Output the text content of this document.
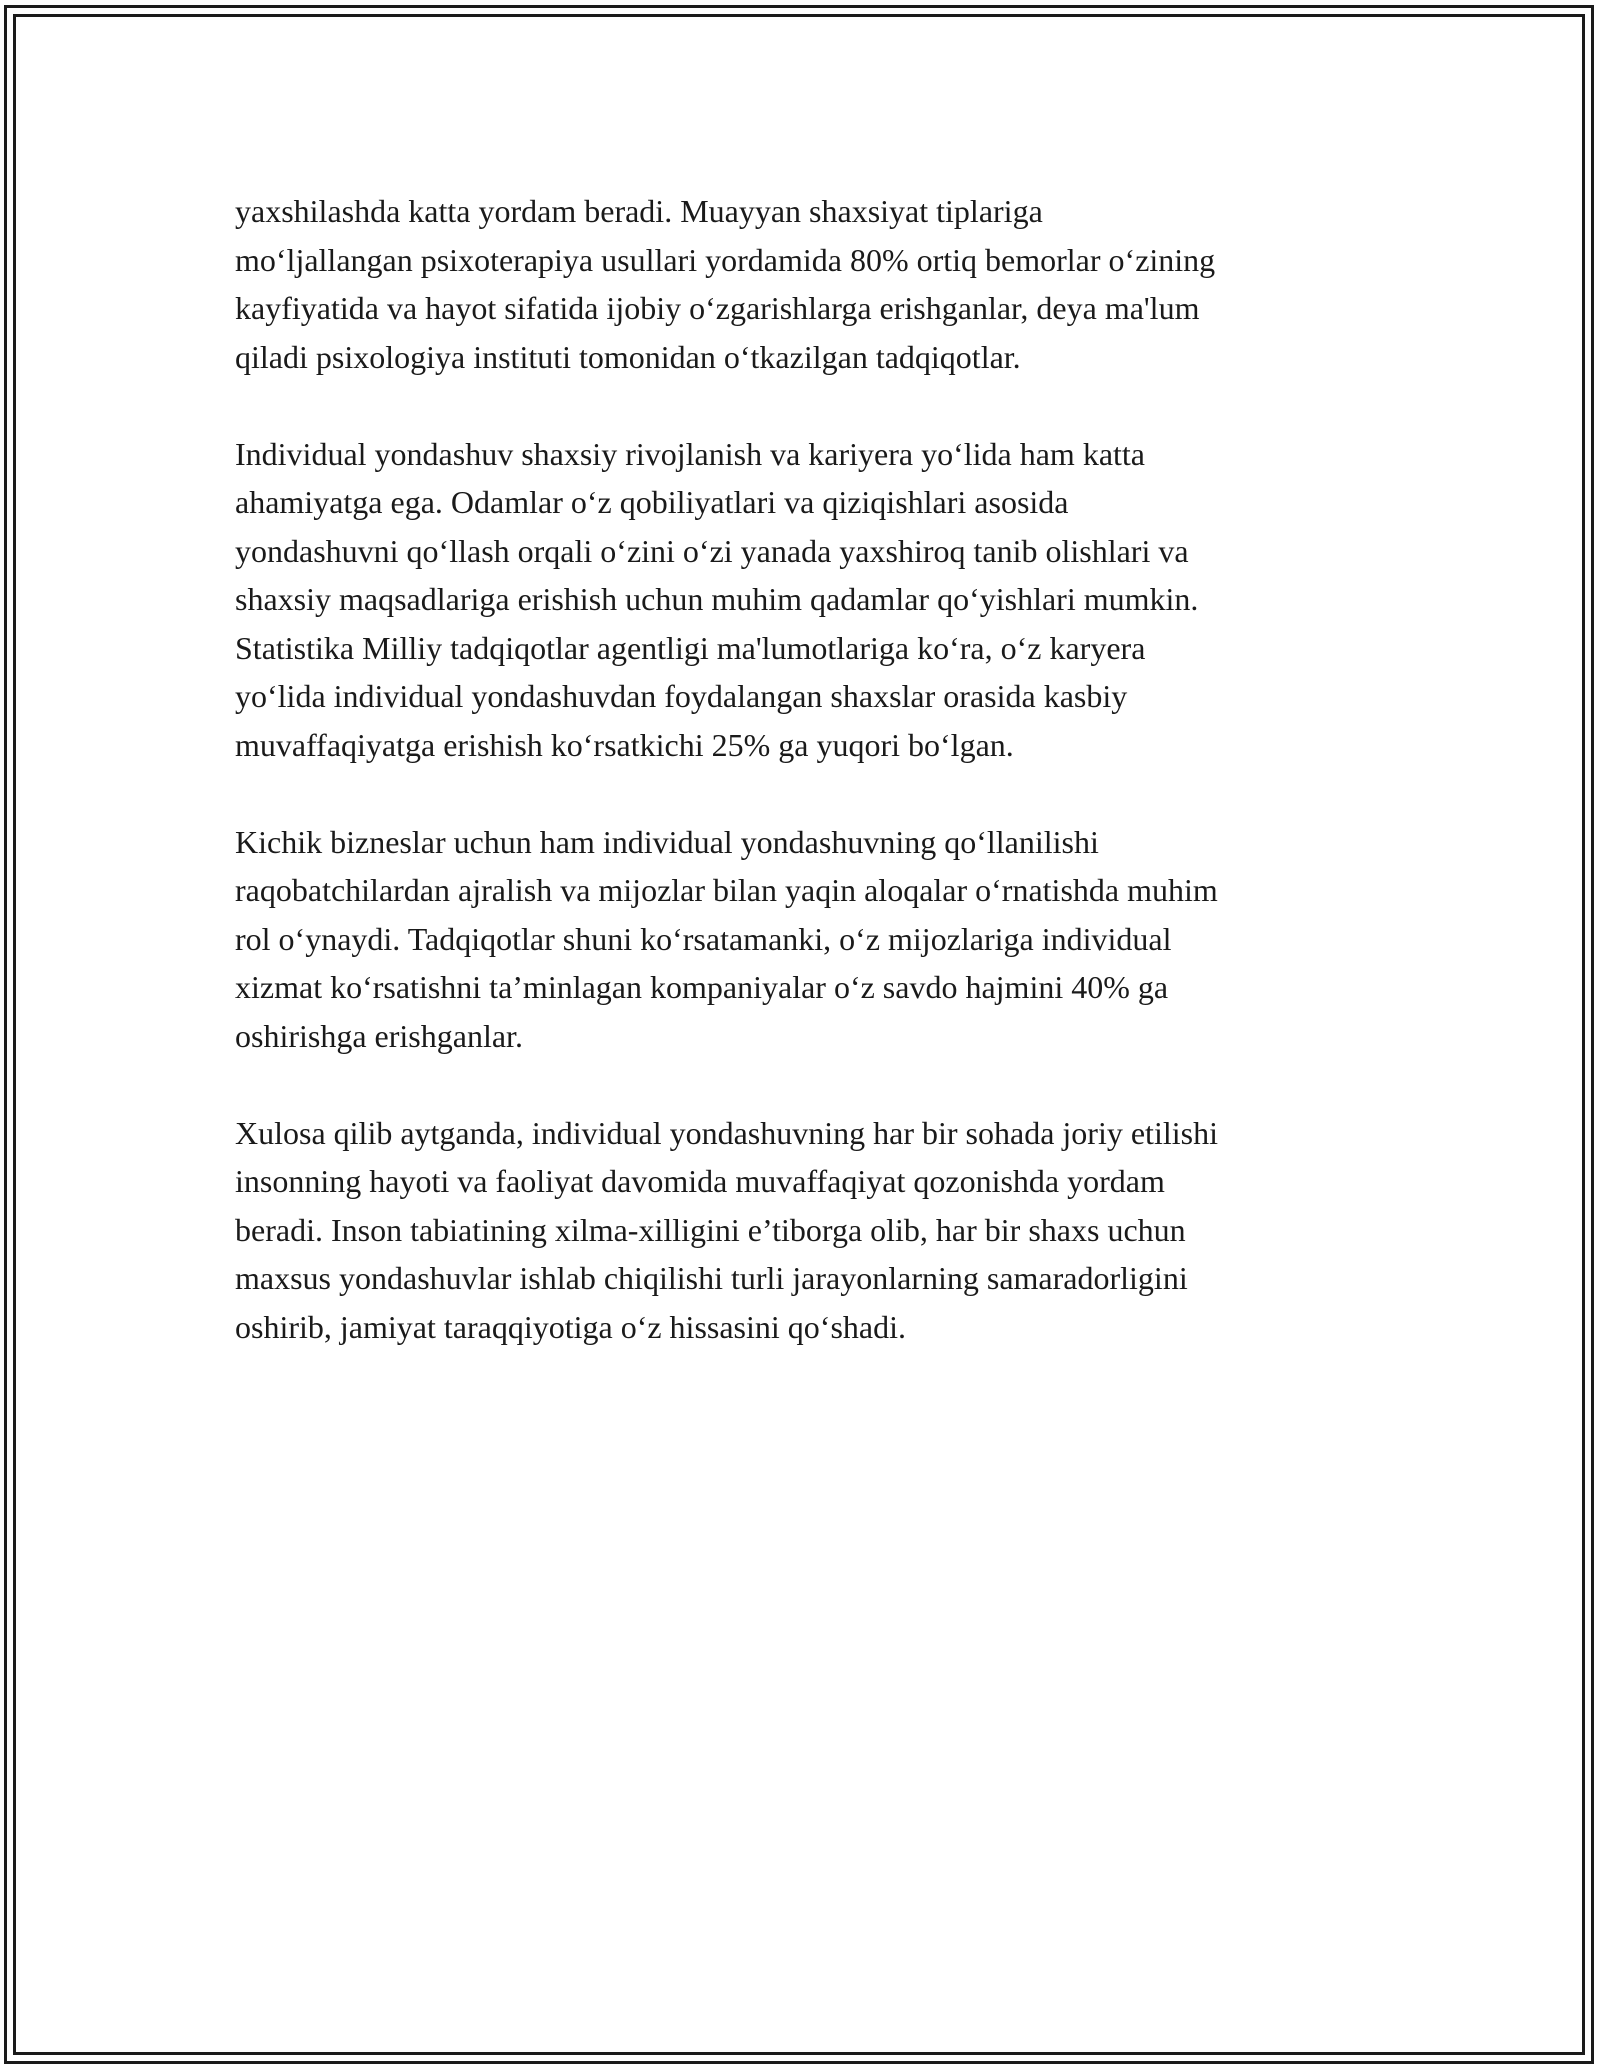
yaxshilashda katta yordam beradi. Muayyan shaxsiyat tiplariga
mo‘ljallangan psixoterapiya usullari yordamida 80% ortiq bemorlar o‘zining
kayfiyatida va hayot sifatida ijobiy o‘zgarishlarga erishganlar, deya ma'lum
qiladi psixologiya instituti tomonidan o‘tkazilgan tadqiqotlar.

Individual yondashuv shaxsiy rivojlanish va kariyera yo‘lida ham katta
ahamiyatga ega. Odamlar o‘z qobiliyatlari va qiziqishlari asosida
yondashuvni qo‘llash orqali o‘zini o‘zi yanada yaxshiroq tanib olishlari va
shaxsiy maqsadlariga erishish uchun muhim qadamlar qo‘yishlari mumkin.
Statistika Milliy tadqiqotlar agentligi ma'lumotlariga ko‘ra, o‘z karyera
yo‘lida individual yondashuvdan foydalangan shaxslar orasida kasbiy
muvaffaqiyatga erishish ko‘rsatkichi 25% ga yuqori bo‘lgan.

Kichik bizneslar uchun ham individual yondashuvning qo‘llanilishi
raqobatchilardan ajralish va mijozlar bilan yaqin aloqalar o‘rnatishda muhim
rol o‘ynaydi. Tadqiqotlar shuni ko‘rsatamanki, o‘z mijozlariga individual
xizmat ko‘rsatishni ta’minlagan kompaniyalar o‘z savdo hajmini 40% ga
oshirishga erishganlar.

Xulosa qilib aytganda, individual yondashuvning har bir sohada joriy etilishi
insonning hayoti va faoliyat davomida muvaffaqiyat qozonishda yordam
beradi. Inson tabiatining xilma-xilligini e’tiborga olib, har bir shaxs uchun
maxsus yondashuvlar ishlab chiqilishi turli jarayonlarning samaradorligini
oshirib, jamiyat taraqqiyotiga o‘z hissasini qo‘shadi.
